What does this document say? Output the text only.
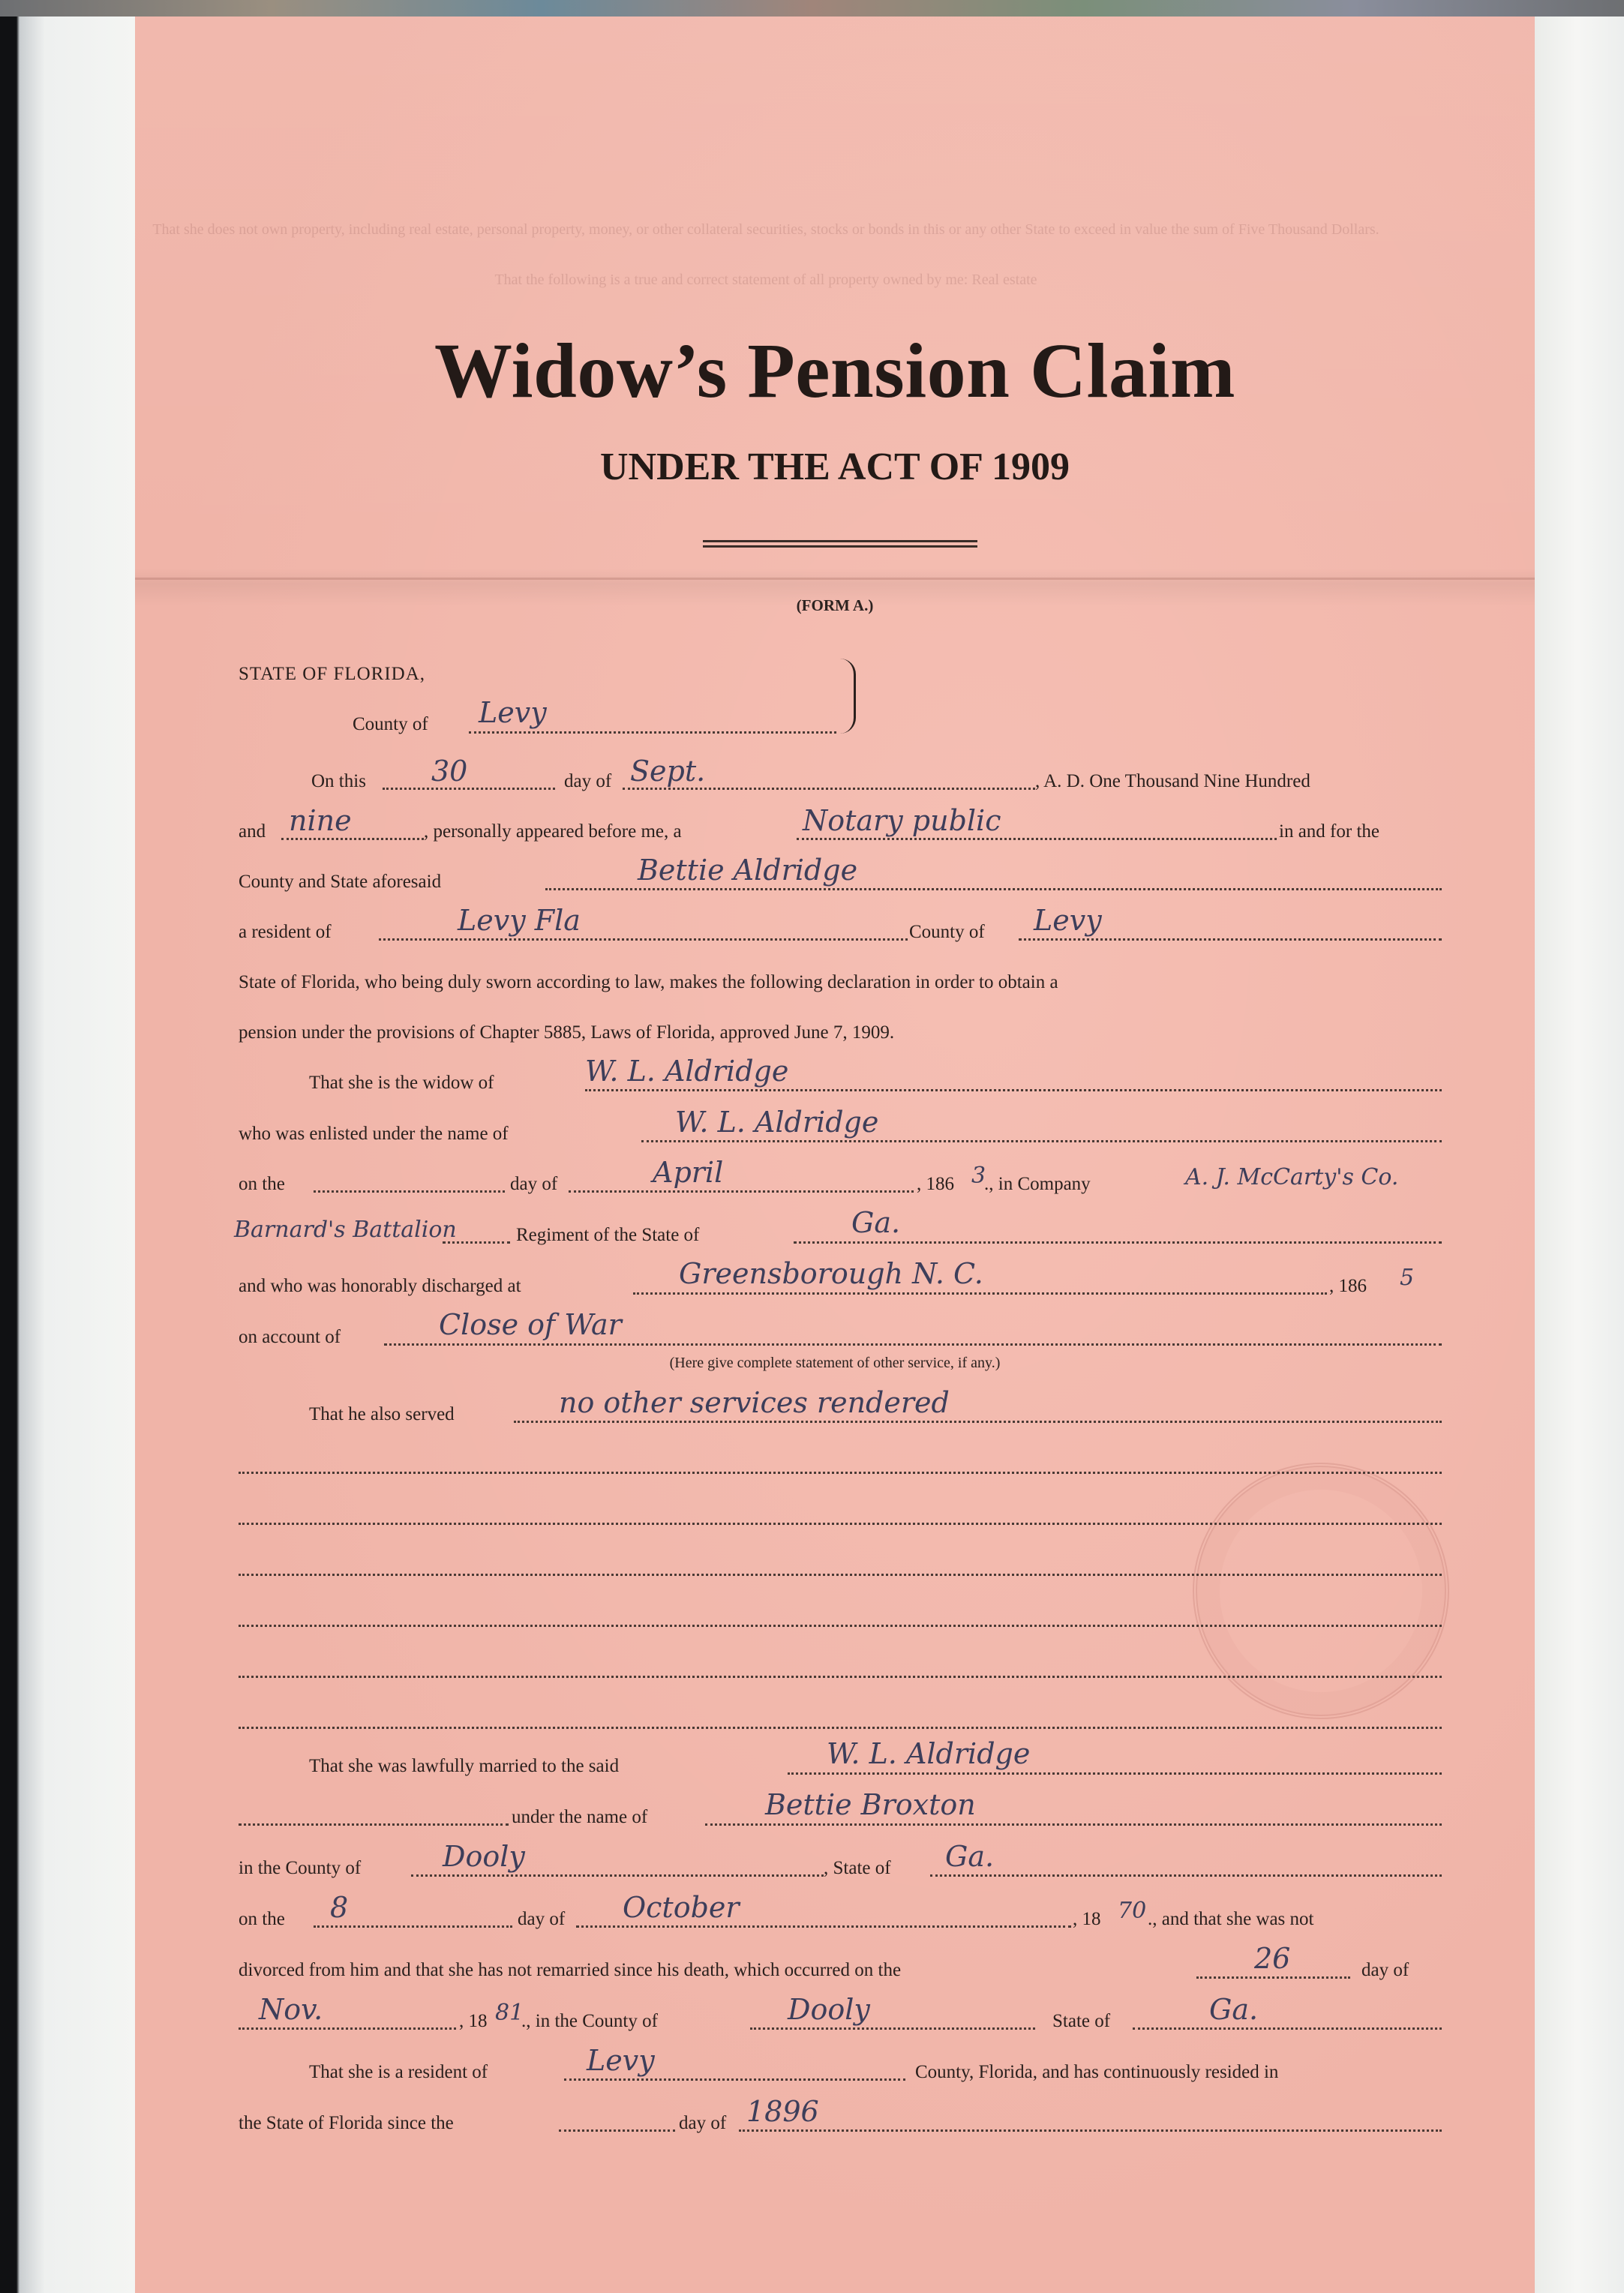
That she does not own property, including real estate, personal property, money, or other collateral securities, stocks or bonds in this or any other State to exceed in value the sum of Five Thousand Dollars.
That the following is a true and correct statement of all property owned by me: Real estate
Widow’s Pension Claim
UNDER THE ACT OF 1909
(FORM A.)
STATE OF FLORIDA,
County of Levy
On this 30	day of Sept.	, A. D. One Thousand Nine Hundred
and nine	, personally appeared before me, a	Notary public	in and for the
County and State aforesaid	Bettie Aldridge
a resident of	Levy Fla	County of Levy
State of Florida, who being duly sworn according to law, makes the following declaration in order to obtain a
pension under the provisions of Chapter 5885, Laws of Florida, approved June 7, 1909.
That she is the widow of	W. L. Aldridge
who was enlisted under the name of	W. L. Aldridge
on the	day of	April	, 186 3
., in Company	A. J. McCarty's Co.
Barnard's Battalion	Regiment of the State of	Ga.
and who was honorably discharged at	Greensborough N. C.	, 186 5
on account of	Close of War
(Here give complete statement of other service, if any.)
That he also served	no other services rendered
That she was lawfully married to the said	W. L. Aldridge
under the name of	Bettie Broxton
in the County of	Dooly	, State of Ga.
on the 8	day of October	, 18 70 ., and that she was not
divorced from him and that she has not remarried since his death, which occurred on the	26	day of
Nov.	, 18 81
., in the County of	Dooly	State of	Ga.
That she is a resident of	Levy	County, Florida, and has continuously resided in
the State of Florida since the	day of 1896
